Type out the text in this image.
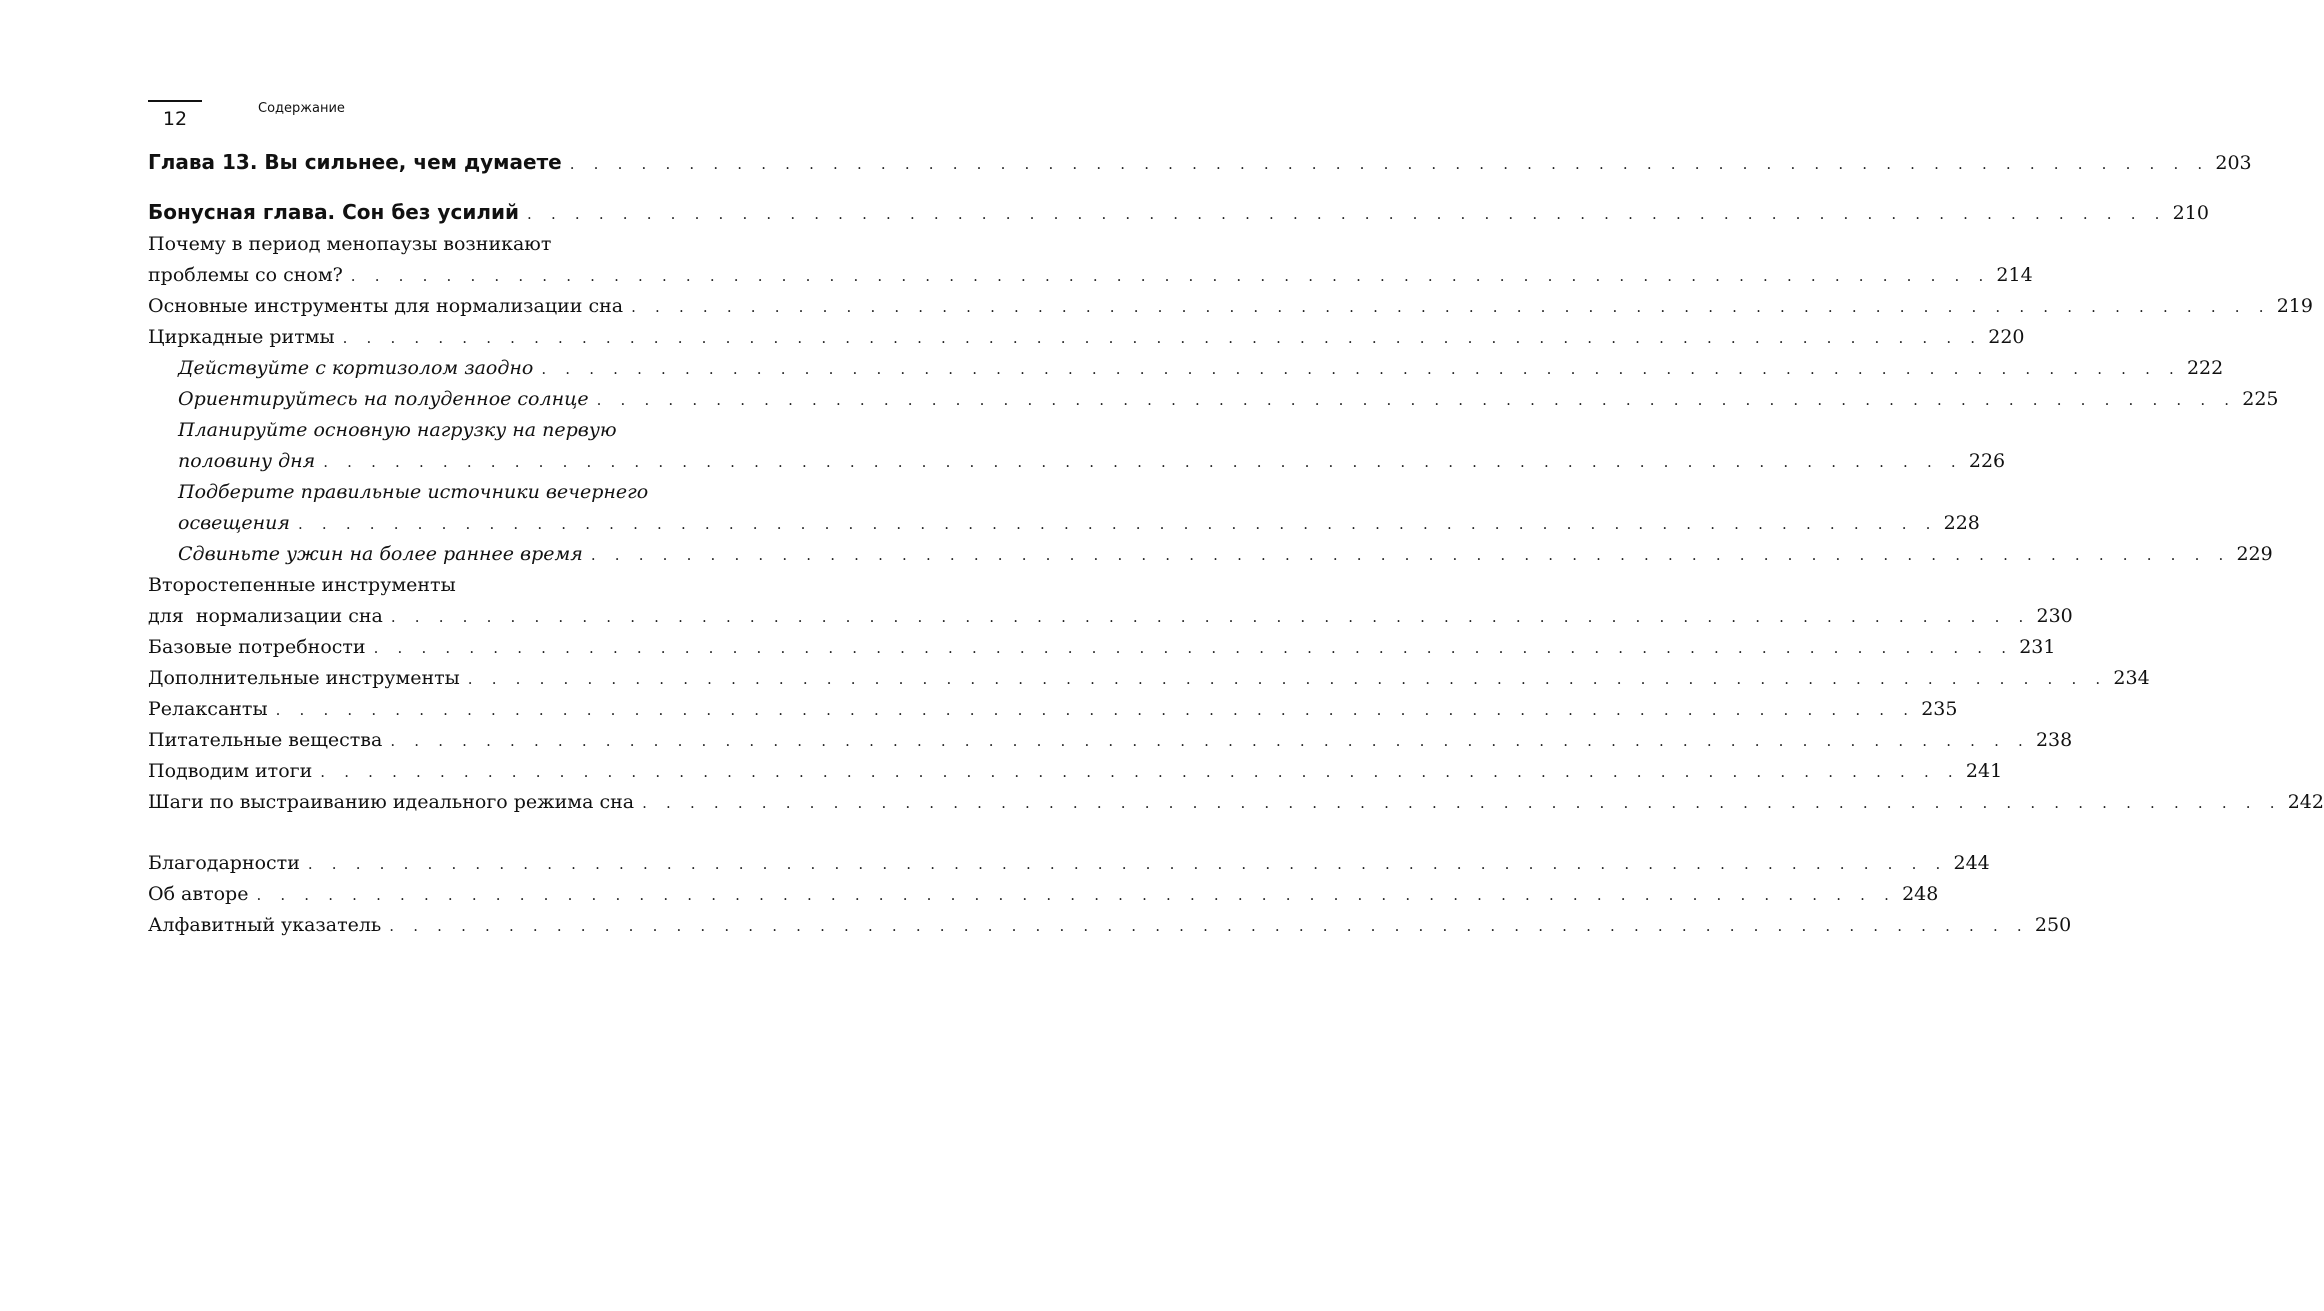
12	Содержание
Глава 13. Вы сильнее, чем думаете . . . . . . . . . . . . . . . . . . . . . . . . . . . . . . . . . . . . . . . . . . . . . . . . . . . . . . . . . . . . . . . . . . . . . 203
Бонусная глава. Сон без усилий . . . . . . . . . . . . . . . . . . . . . . . . . . . . . . . . . . . . . . . . . . . . . . . . . . . . . . . . . . . . . . . . . . . . . 210
Почему в период менопаузы возникают
проблемы со сном? . . . . . . . . . . . . . . . . . . . . . . . . . . . . . . . . . . . . . . . . . . . . . . . . . . . . . . . . . . . . . . . . . . . . . 214
Основные инструменты для нормализации сна . . . . . . . . . . . . . . . . . . . . . . . . . . . . . . . . . . . . . . . . . . . . . . . . . . . . . . . . . . . . . . . . . . . . . 219
Циркадные ритмы . . . . . . . . . . . . . . . . . . . . . . . . . . . . . . . . . . . . . . . . . . . . . . . . . . . . . . . . . . . . . . . . . . . . . 220
Действуйте с кортизолом заодно . . . . . . . . . . . . . . . . . . . . . . . . . . . . . . . . . . . . . . . . . . . . . . . . . . . . . . . . . . . . . . . . . . . . . 222
Ориентируйтесь на полуденное солнце . . . . . . . . . . . . . . . . . . . . . . . . . . . . . . . . . . . . . . . . . . . . . . . . . . . . . . . . . . . . . . . . . . . . . 225
Планируйте основную нагрузку на первую
половину дня . . . . . . . . . . . . . . . . . . . . . . . . . . . . . . . . . . . . . . . . . . . . . . . . . . . . . . . . . . . . . . . . . . . . . 226
Подберите правильные источники вечернего
освещения . . . . . . . . . . . . . . . . . . . . . . . . . . . . . . . . . . . . . . . . . . . . . . . . . . . . . . . . . . . . . . . . . . . . . 228
Сдвиньте ужин на более раннее время . . . . . . . . . . . . . . . . . . . . . . . . . . . . . . . . . . . . . . . . . . . . . . . . . . . . . . . . . . . . . . . . . . . . . 229
Второстепенные инструменты
для  нормализации сна . . . . . . . . . . . . . . . . . . . . . . . . . . . . . . . . . . . . . . . . . . . . . . . . . . . . . . . . . . . . . . . . . . . . . 230
Базовые потребности . . . . . . . . . . . . . . . . . . . . . . . . . . . . . . . . . . . . . . . . . . . . . . . . . . . . . . . . . . . . . . . . . . . . . 231
Дополнительные инструменты . . . . . . . . . . . . . . . . . . . . . . . . . . . . . . . . . . . . . . . . . . . . . . . . . . . . . . . . . . . . . . . . . . . . . 234
Релаксанты . . . . . . . . . . . . . . . . . . . . . . . . . . . . . . . . . . . . . . . . . . . . . . . . . . . . . . . . . . . . . . . . . . . . . 235
Питательные вещества . . . . . . . . . . . . . . . . . . . . . . . . . . . . . . . . . . . . . . . . . . . . . . . . . . . . . . . . . . . . . . . . . . . . . 238
Подводим итоги . . . . . . . . . . . . . . . . . . . . . . . . . . . . . . . . . . . . . . . . . . . . . . . . . . . . . . . . . . . . . . . . . . . . . 241
Шаги по выстраиванию идеального режима сна . . . . . . . . . . . . . . . . . . . . . . . . . . . . . . . . . . . . . . . . . . . . . . . . . . . . . . . . . . . . . . . . . . . . . 242
Благодарности . . . . . . . . . . . . . . . . . . . . . . . . . . . . . . . . . . . . . . . . . . . . . . . . . . . . . . . . . . . . . . . . . . . . . 244
Об авторе . . . . . . . . . . . . . . . . . . . . . . . . . . . . . . . . . . . . . . . . . . . . . . . . . . . . . . . . . . . . . . . . . . . . . 248
Алфавитный указатель . . . . . . . . . . . . . . . . . . . . . . . . . . . . . . . . . . . . . . . . . . . . . . . . . . . . . . . . . . . . . . . . . . . . . 250
